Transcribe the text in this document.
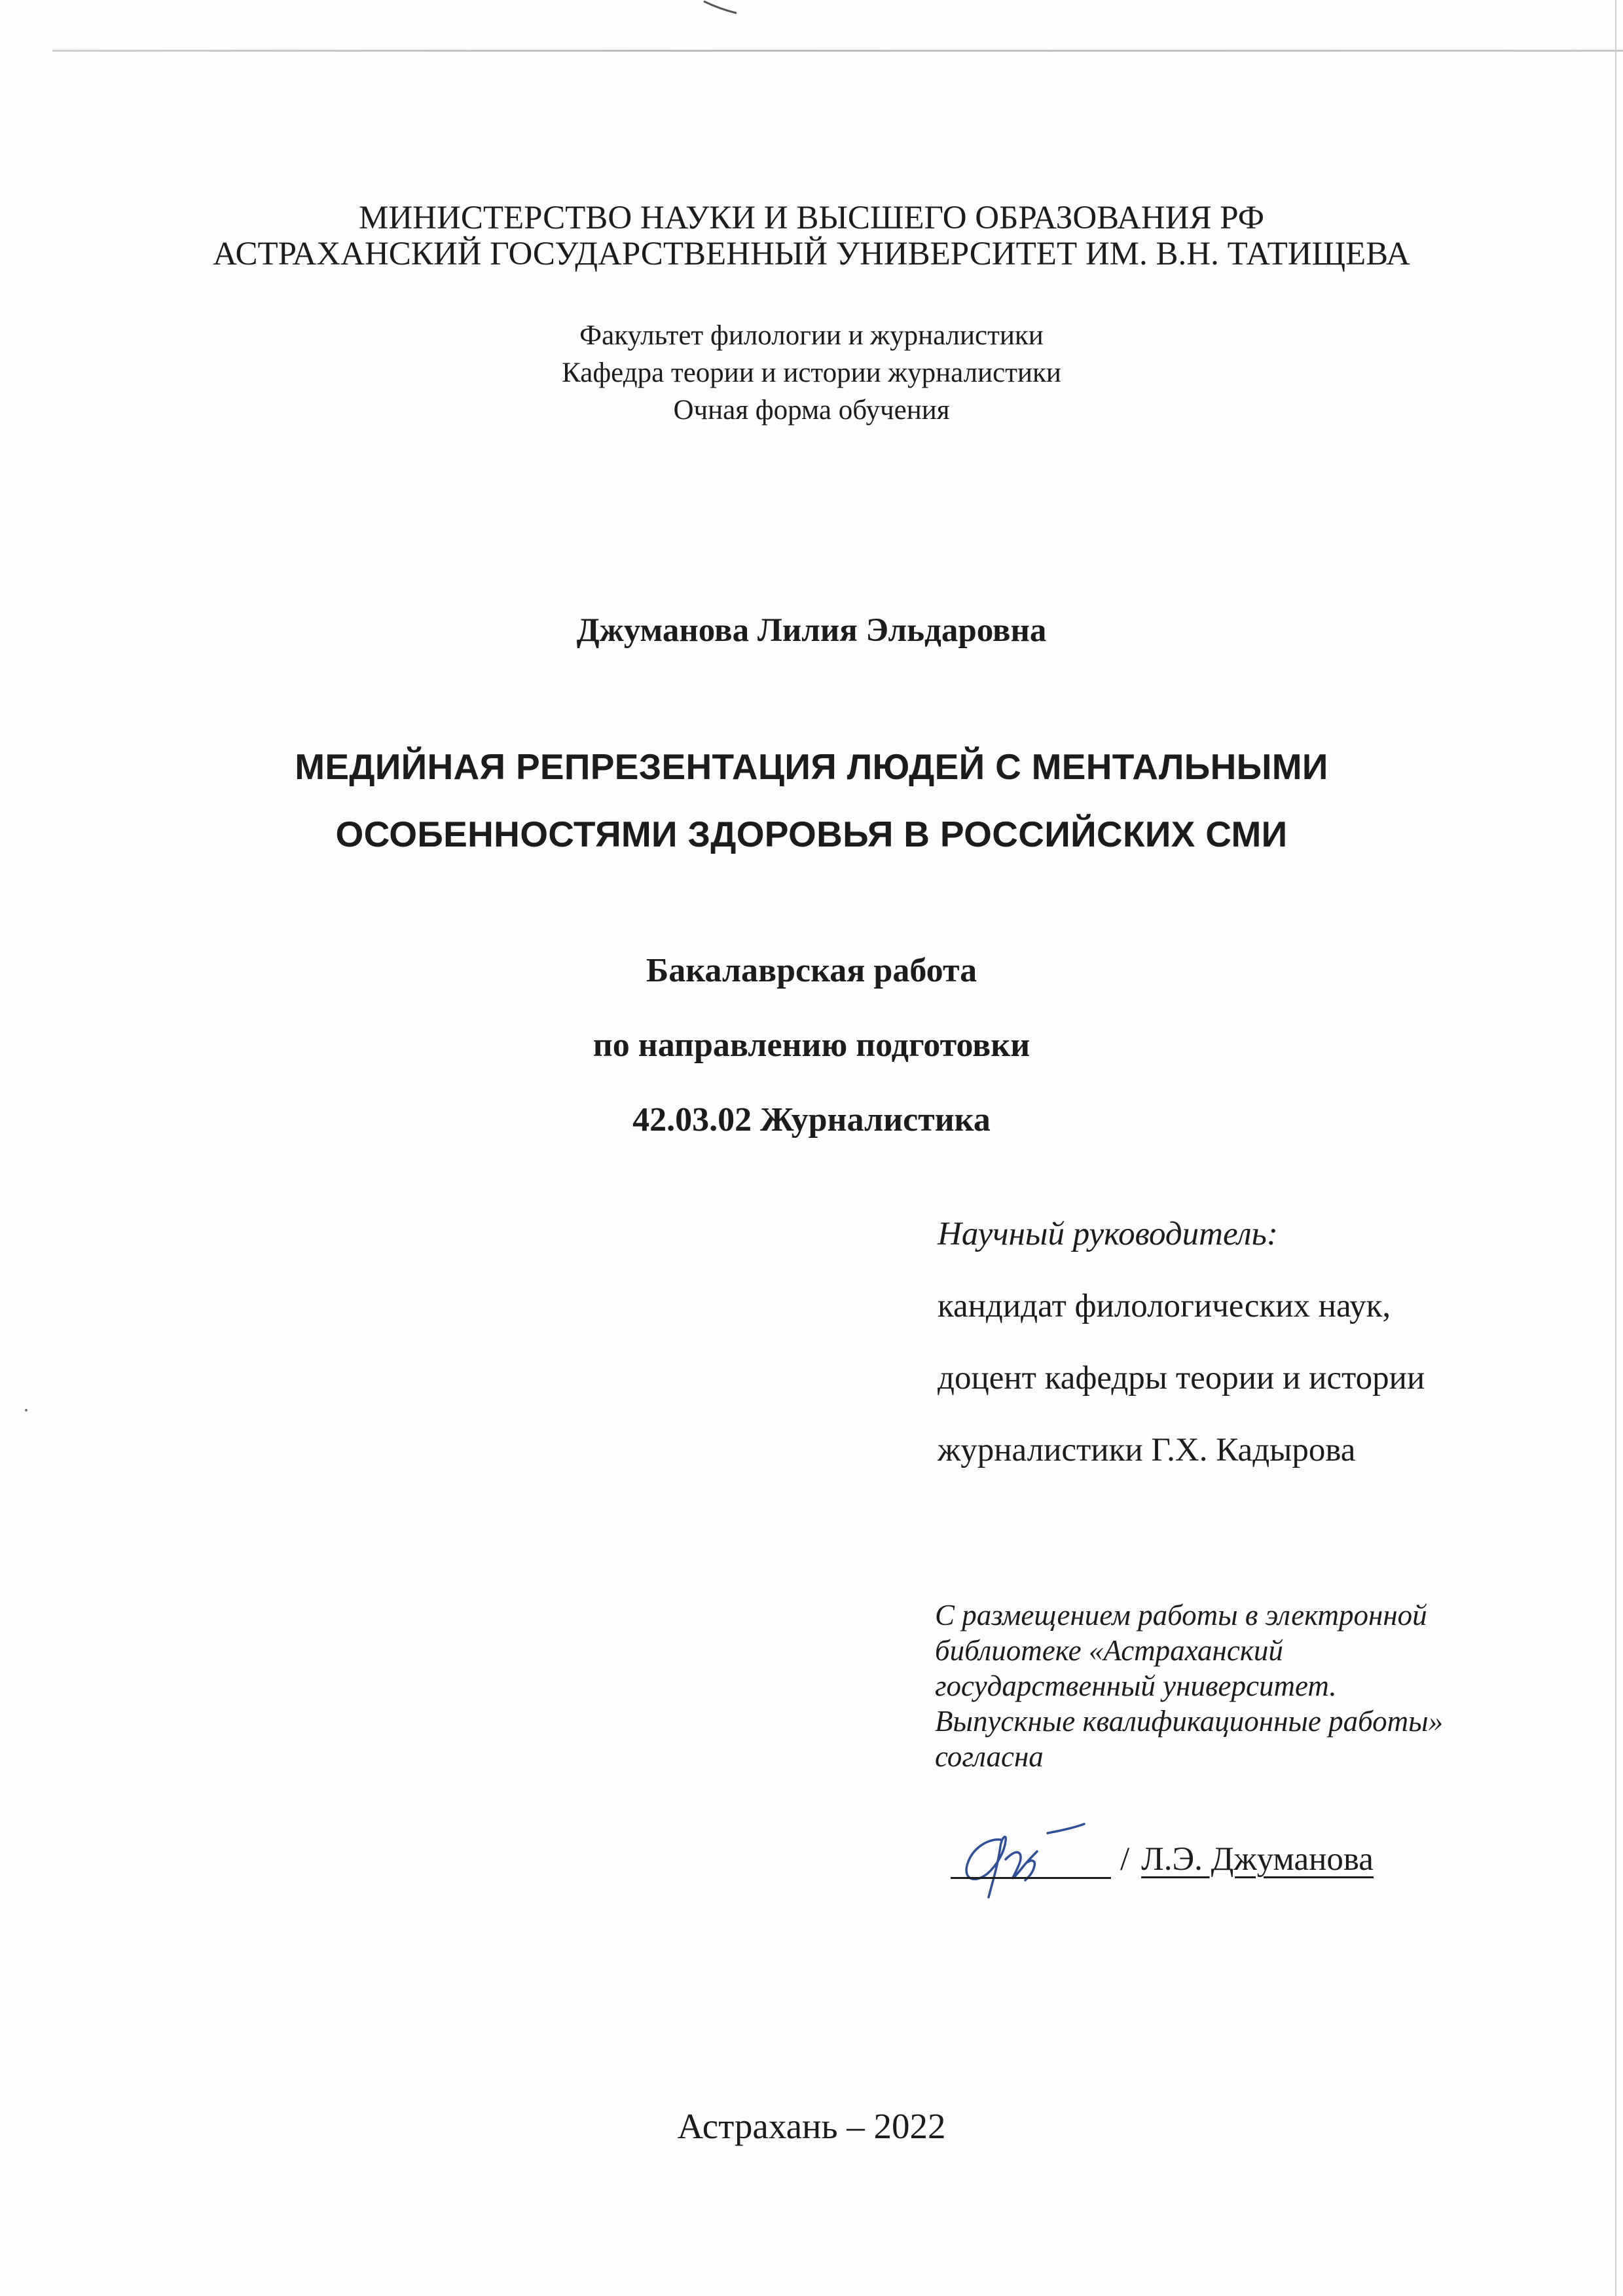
МИНИСТЕРСТВО НАУКИ И ВЫСШЕГО ОБРАЗОВАНИЯ РФ
АСТРАХАНСКИЙ ГОСУДАРСТВЕННЫЙ УНИВЕРСИТЕТ ИМ. В.Н. ТАТИЩЕВА
Факультет филологии и журналистики
Кафедра теории и истории журналистики
Очная форма обучения
Джуманова Лилия Эльдаровна
МЕДИЙНАЯ РЕПРЕЗЕНТАЦИЯ ЛЮДЕЙ С МЕНТАЛЬНЫМИ
ОСОБЕННОСТЯМИ ЗДОРОВЬЯ В РОССИЙСКИХ СМИ
Бакалаврская работа
по направлению подготовки
42.03.02 Журналистика
Научный руководитель:
кандидат филологических наук,
доцент кафедры теории и истории
журналистики Г.Х. Кадырова
С размещением работы в электронной
библиотеке «Астраханский
государственный университет.
Выпускные квалификационные работы»
согласна
/ Л.Э. Джуманова
Астрахань – 2022
